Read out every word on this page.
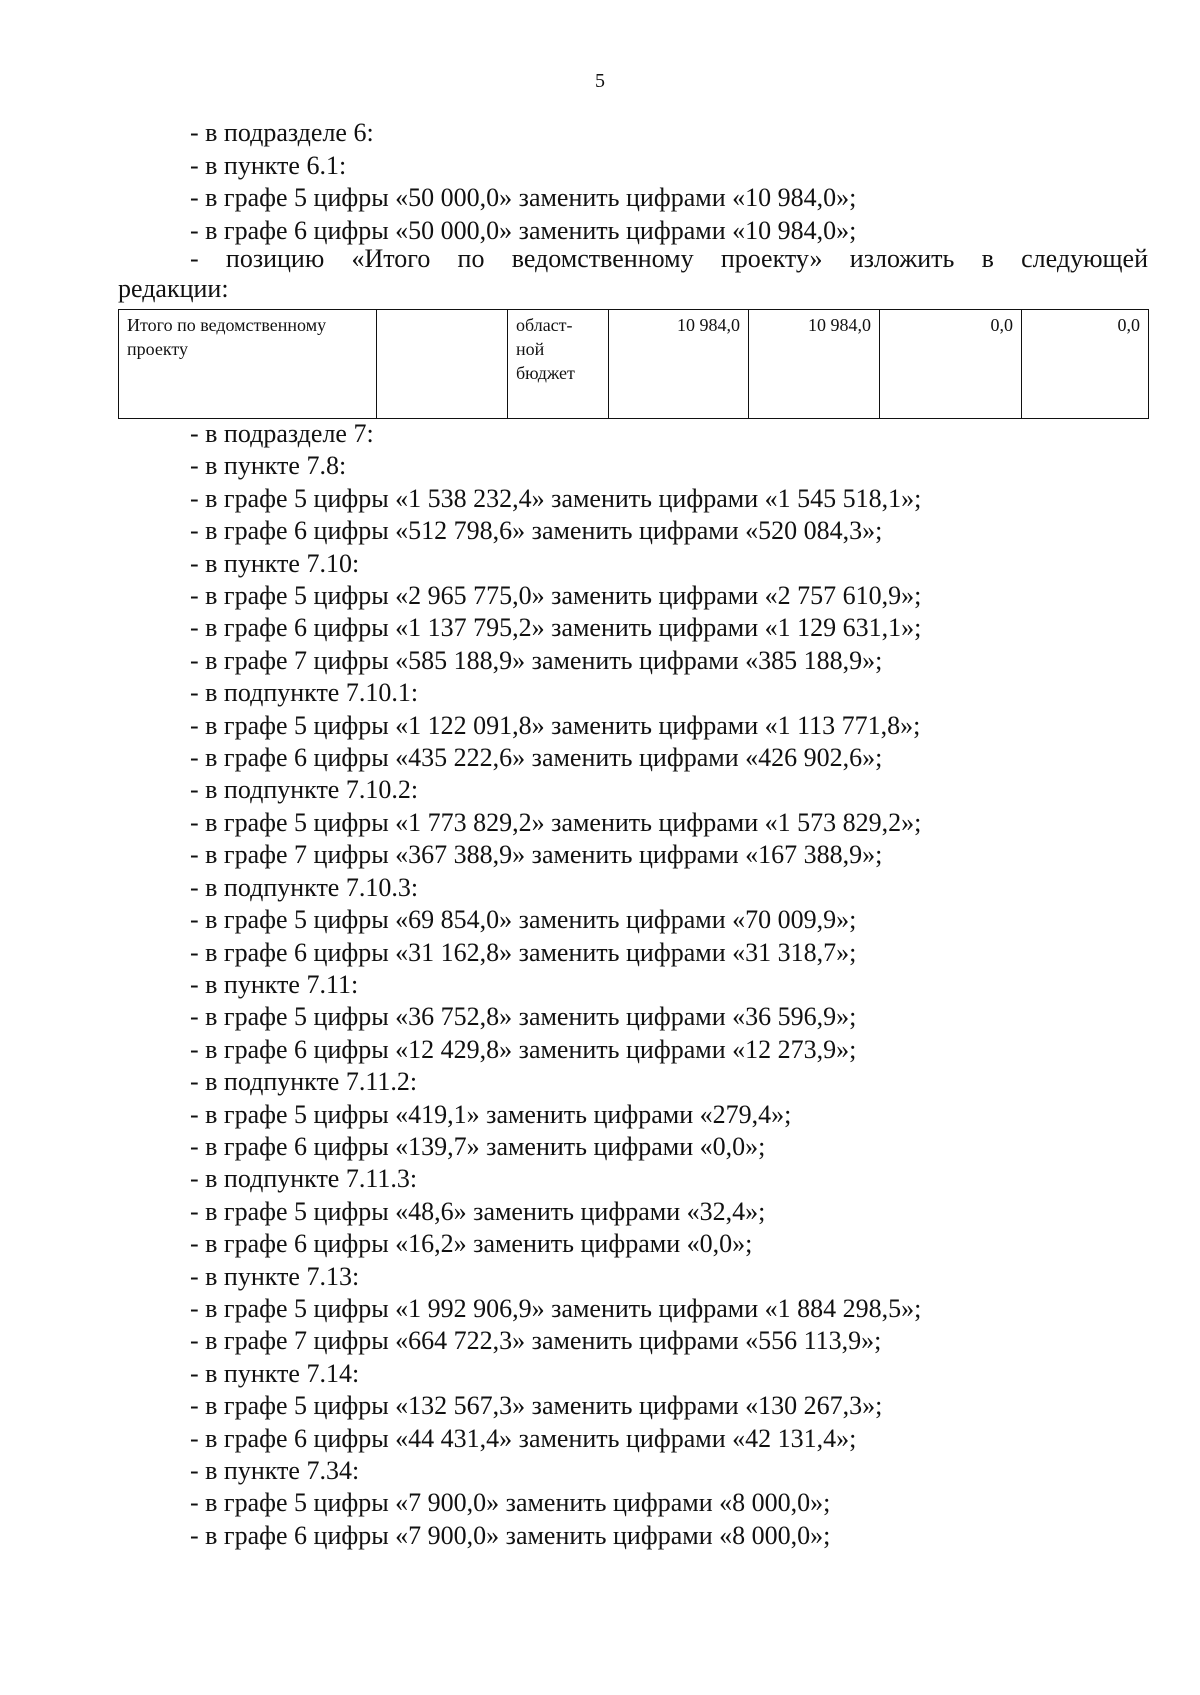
5
- в подразделе 6:
- в пункте 6.1:
- в графе 5 цифры «50 000,0» заменить цифрами «10 984,0»;
- в графе 6 цифры «50 000,0» заменить цифрами «10 984,0»;
- позицию «Итого по ведомственному проекту» изложить в следующей
редакции:
Итого по ведомственному проекту		област-ной бюджет	10 984,0	10 984,0	0,0	0,0
- в подразделе 7:
- в пункте 7.8:
- в графе 5 цифры «1 538 232,4» заменить цифрами «1 545 518,1»;
- в графе 6 цифры «512 798,6» заменить цифрами «520 084,3»;
- в пункте 7.10:
- в графе 5 цифры «2 965 775,0» заменить цифрами «2 757 610,9»;
- в графе 6 цифры «1 137 795,2» заменить цифрами «1 129 631,1»;
- в графе 7 цифры «585 188,9» заменить цифрами «385 188,9»;
- в подпункте 7.10.1:
- в графе 5 цифры «1 122 091,8» заменить цифрами «1 113 771,8»;
- в графе 6 цифры «435 222,6» заменить цифрами «426 902,6»;
- в подпункте 7.10.2:
- в графе 5 цифры «1 773 829,2» заменить цифрами «1 573 829,2»;
- в графе 7 цифры «367 388,9» заменить цифрами «167 388,9»;
- в подпункте 7.10.3:
- в графе 5 цифры «69 854,0» заменить цифрами «70 009,9»;
- в графе 6 цифры «31 162,8» заменить цифрами «31 318,7»;
- в пункте 7.11:
- в графе 5 цифры «36 752,8» заменить цифрами «36 596,9»;
- в графе 6 цифры «12 429,8» заменить цифрами «12 273,9»;
- в подпункте 7.11.2:
- в графе 5 цифры «419,1» заменить цифрами «279,4»;
- в графе 6 цифры «139,7» заменить цифрами «0,0»;
- в подпункте 7.11.3:
- в графе 5 цифры «48,6» заменить цифрами «32,4»;
- в графе 6 цифры «16,2» заменить цифрами «0,0»;
- в пункте 7.13:
- в графе 5 цифры «1 992 906,9» заменить цифрами «1 884 298,5»;
- в графе 7 цифры «664 722,3» заменить цифрами «556 113,9»;
- в пункте 7.14:
- в графе 5 цифры «132 567,3» заменить цифрами «130 267,3»;
- в графе 6 цифры «44 431,4» заменить цифрами «42 131,4»;
- в пункте 7.34:
- в графе 5 цифры «7 900,0» заменить цифрами «8 000,0»;
- в графе 6 цифры «7 900,0» заменить цифрами «8 000,0»;
